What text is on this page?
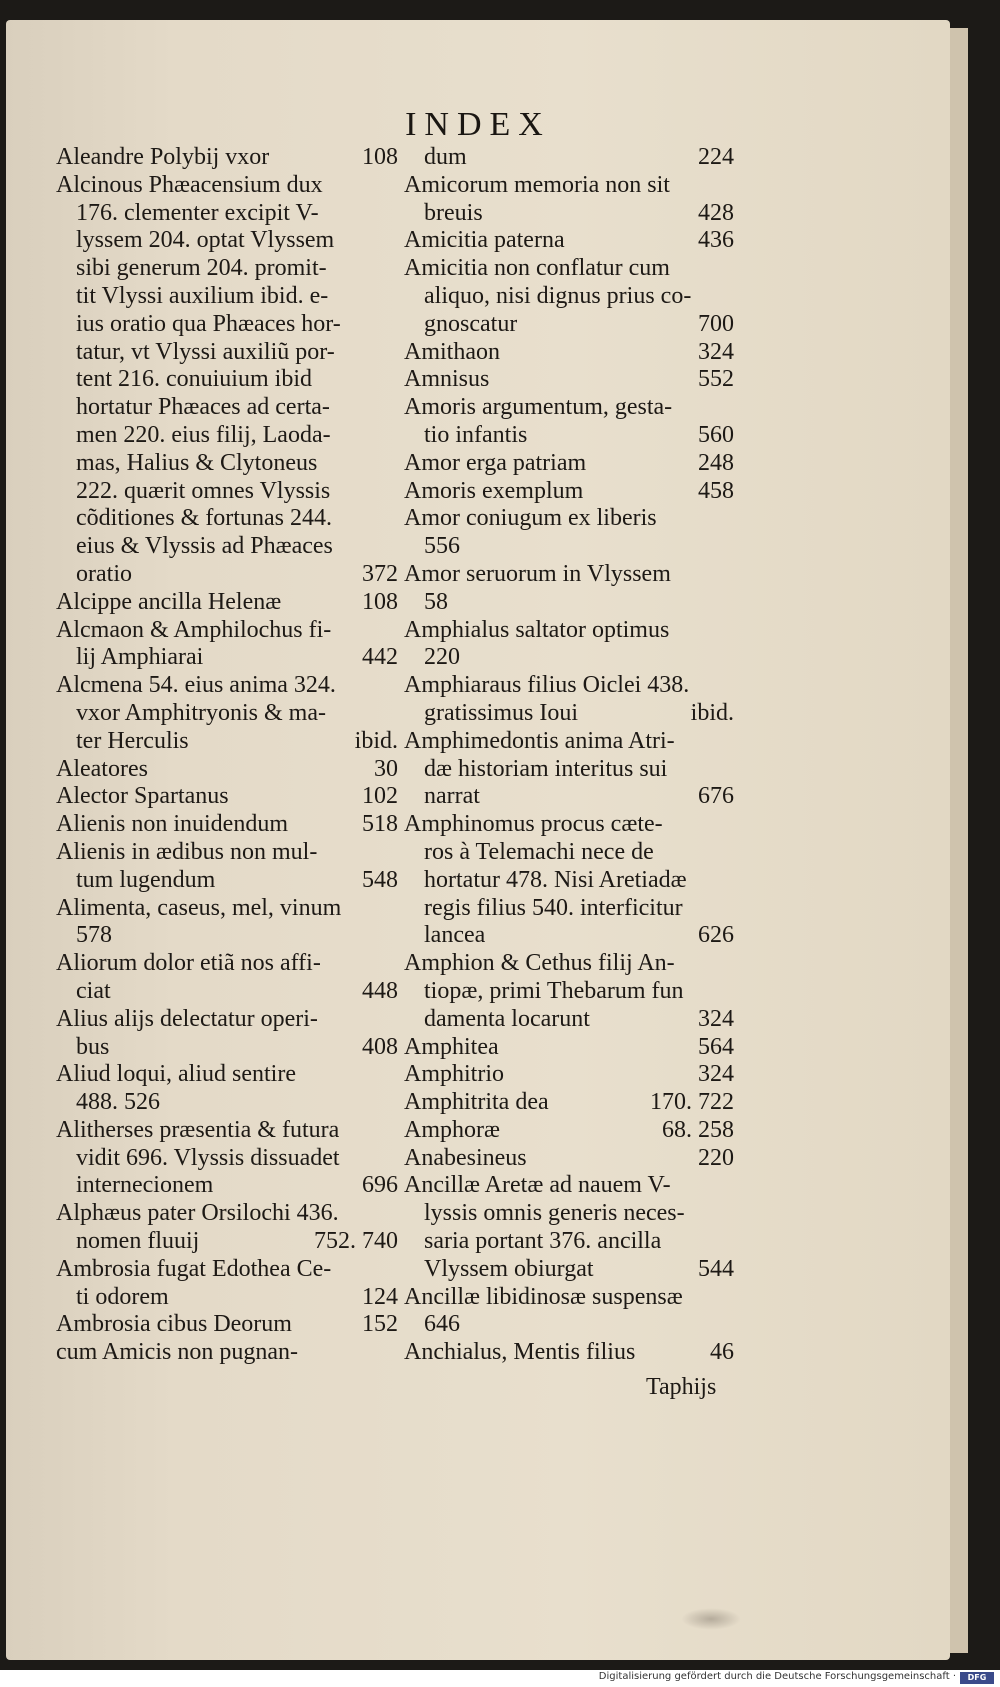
INDEX
Aleandre Polybij vxor	108
Alcinous Phæacensium dux
176. clementer excipit V-
lyssem 204. optat Vlyssem
sibi generum 204. promit-
tit Vlyssi auxilium ibid. e-
ius oratio qua Phæaces hor-
tatur, vt Vlyssi auxiliũ por-
tent 216. conuiuium ibid
hortatur Phæaces ad certa-
men 220. eius filij, Laoda-
mas, Halius & Clytoneus
222. quærit omnes Vlyssis
cõditiones & fortunas 244.
eius & Vlyssis ad Phæaces
oratio	372
Alcippe ancilla Helenæ	108
Alcmaon & Amphilochus fi-
lij Amphiarai	442
Alcmena 54. eius anima 324.
vxor Amphitryonis & ma-
ter Herculis	ibid.
Aleatores	30
Alector Spartanus	102
Alienis non inuidendum	518
Alienis in ædibus non mul-
tum lugendum	548
Alimenta, caseus, mel, vinum
578
Aliorum dolor etiã nos affi-
ciat	448
Alius alijs delectatur operi-
bus	408
Aliud loqui, aliud sentire
488. 526
Alitherses præsentia & futura
vidit 696. Vlyssis dissuadet
internecionem	696
Alphæus pater Orsilochi 436.
nomen fluuij	752. 740
Ambrosia fugat Edothea Ce-
ti odorem	124
Ambrosia cibus Deorum	152
cum Amicis non pugnan-
dum	224
Amicorum memoria non sit
breuis	428
Amicitia paterna	436
Amicitia non conflatur cum
aliquo, nisi dignus prius co-
gnoscatur	700
Amithaon	324
Amnisus	552
Amoris argumentum, gesta-
tio infantis	560
Amor erga patriam	248
Amoris exemplum	458
Amor coniugum ex liberis
556
Amor seruorum in Vlyssem
58
Amphialus saltator optimus
220
Amphiaraus filius Oiclei 438.
gratissimus Ioui	ibid.
Amphimedontis anima Atri-
dæ historiam interitus sui
narrat	676
Amphinomus procus cæte-
ros à Telemachi nece de
hortatur 478. Nisi Aretiadæ
regis filius 540. interficitur
lancea	626
Amphion & Cethus filij An-
tiopæ, primi Thebarum fun
damenta locarunt	324
Amphitea	564
Amphitrio	324
Amphitrita dea	170. 722
Amphoræ	68. 258
Anabesineus	220
Ancillæ Aretæ ad nauem V-
lyssis omnis generis neces-
saria portant 376. ancilla
Vlyssem obiurgat	544
Ancillæ libidinosæ suspensæ
646
Anchialus, Mentis filius	46
Taphijs
Digitalisierung gefördert durch die Deutsche Forschungsgemeinschaft ·	DFG
